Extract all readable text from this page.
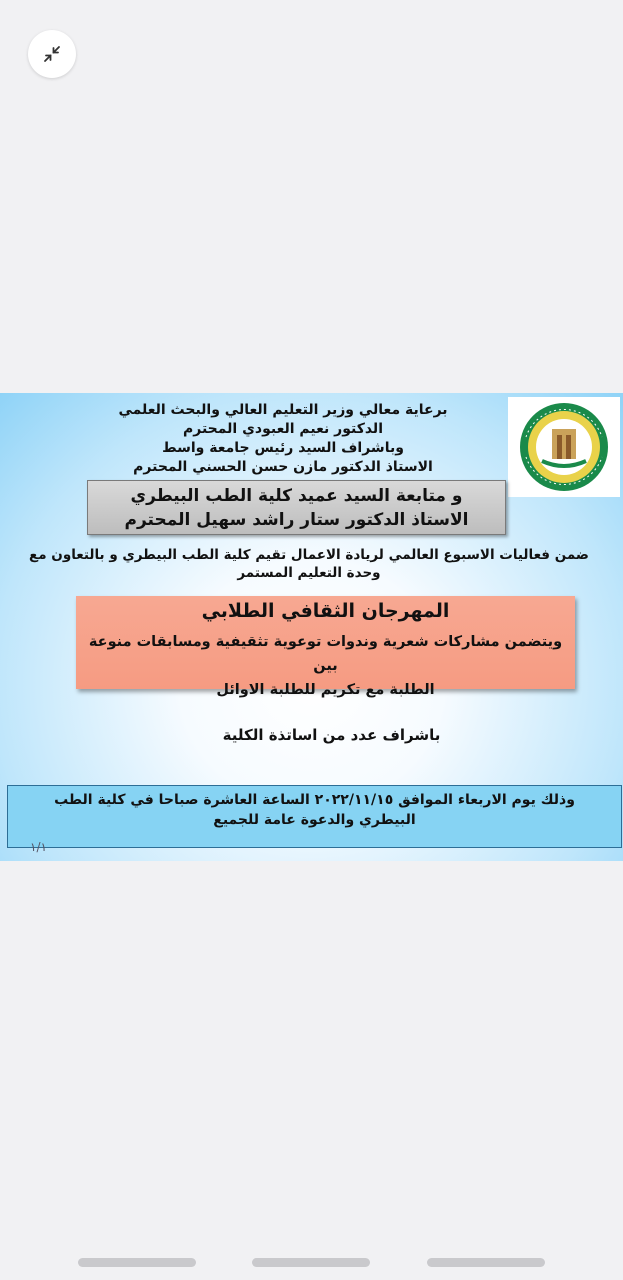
برعاية معالي وزير التعليم العالي والبحث العلمي
الدكتور نعيم العبودي المحترم
وباشراف السيد رئيس جامعة واسط
الاستاذ الدكتور مازن حسن الحسني المحترم
و متابعة السيد عميد كلية الطب البيطري
الاستاذ الدكتور ستار راشد سهيل المحترم
ضمن فعاليات الاسبوع العالمي لريادة الاعمال تقيم كلية الطب البيطري و بالتعاون مع
وحدة التعليم المستمر
المهرجان الثقافي الطلابي
ويتضمن مشاركات شعرية وندوات توعوية تثقيفية ومسابقات منوعة بين
الطلبة مع تكريم للطلبة الاوائل
باشراف عدد من اساتذة الكلية
وذلك يوم الاربعاء الموافق ٢٠٢٢/١١/١٥ الساعة العاشرة صباحا في كلية الطب
البيطري والدعوة عامة للجميع
١/١
